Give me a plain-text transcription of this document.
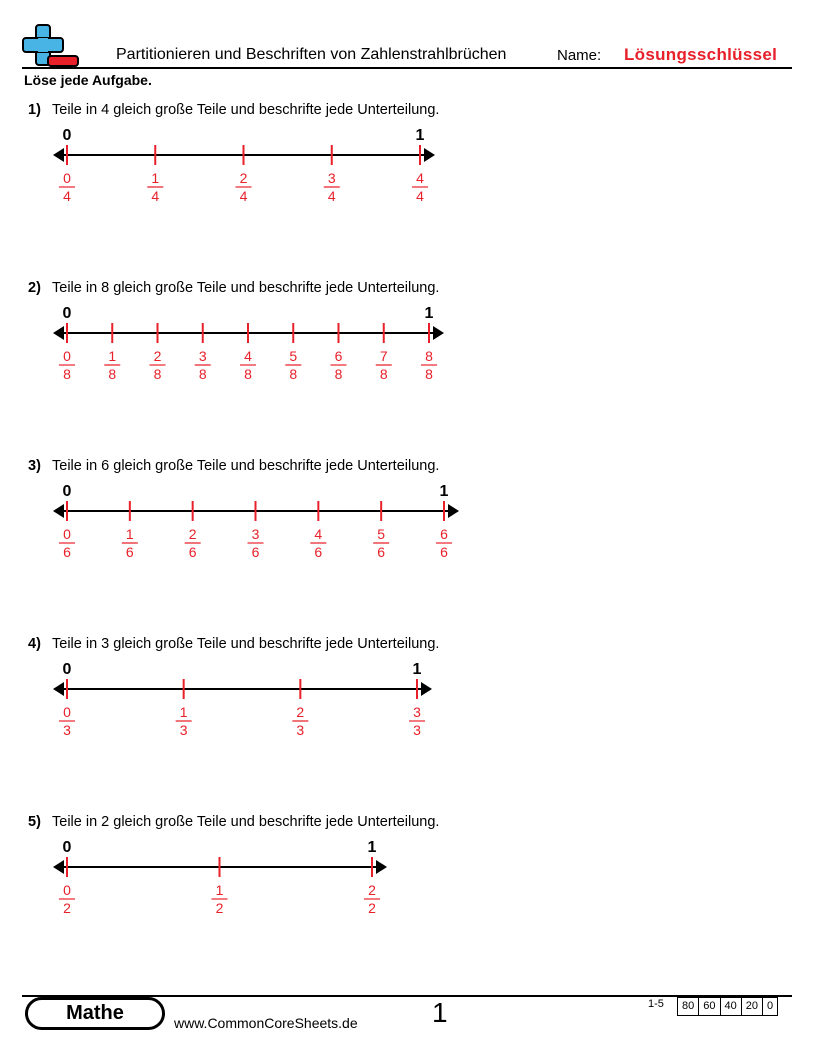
Partitionieren und Beschriften von Zahlenstrahlbrüchen	Name: Lösungsschlüssel
Löse jede Aufgabe.
1) Teile in 4 gleich große Teile und beschrifte jede Unterteilung.
0	1
0
4
1
4
2
4
3
4
4
4
2) Teile in 8 gleich große Teile und beschrifte jede Unterteilung.
0	1
0
8
1
8
2
8
3
8
4
8
5
8
6
8
7
8
8
8
3) Teile in 6 gleich große Teile und beschrifte jede Unterteilung.
0	1
0
6
1
6
2
6
3
6
4
6
5
6
6
6
4) Teile in 3 gleich große Teile und beschrifte jede Unterteilung.
0	1
0
3
1
3
2
3
3
3
5) Teile in 2 gleich große Teile und beschrifte jede Unterteilung.
0	1
0
2
1
2
2
2
Mathe	www.CommonCoreSheets.de	1	1-5	80 60 40 20 0
